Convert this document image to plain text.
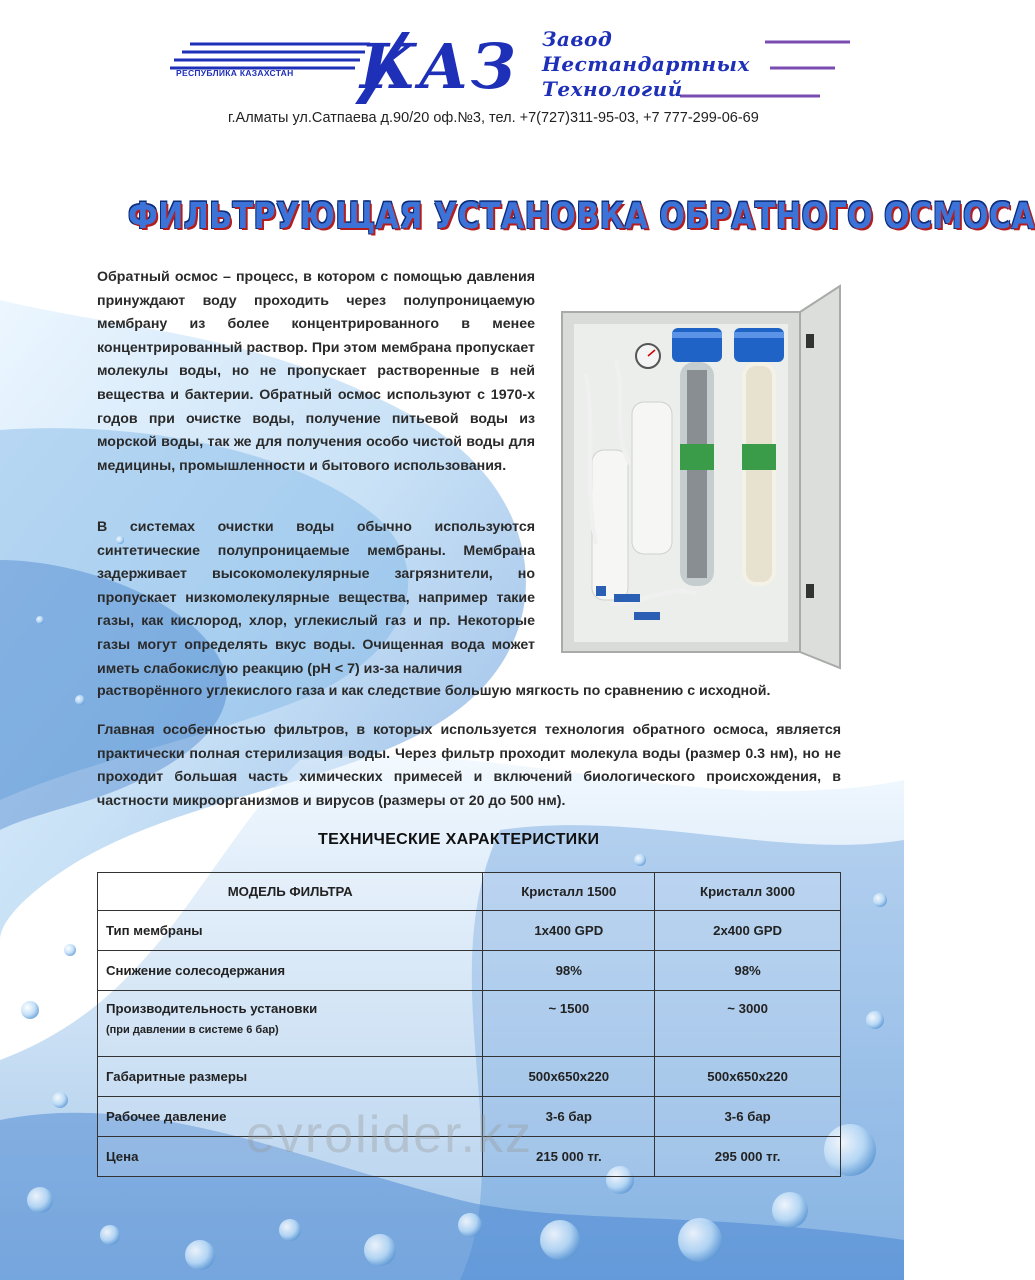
КАЗ
РЕСПУБЛИКА КАЗАХСТАН
Завод
Нестандартных
Технологий
г.Алматы ул.Сатпаева д.90/20 оф.№3, тел. +7(727)311-95-03, +7 777-299-06-69
ФИЛЬТРУЮЩАЯ УСТАНОВКА ОБРАТНОГО ОСМОСА
Обратный осмос – процесс, в котором с помощью давления принуждают воду проходить через полупроницаемую мембрану из более концентрированного в менее концентрированный раствор. При этом мембрана пропускает молекулы воды, но не пропускает растворенные в ней вещества и бактерии. Обратный осмос используют с 1970-х годов при очистке воды, получение питьевой воды из морской воды, так же для получения особо чистой воды для медицины, промышленности и бытового использования.
В системах очистки воды обычно используются синтетические полупроницаемые мембраны. Мембрана задерживает высокомолекулярные загрязнители, но пропускает низкомолекулярные вещества, например такие газы, как кислород, хлор, углекислый газ и пр. Некоторые газы могут определять вкус воды. Очищенная вода может иметь слабокислую реакцию (pH < 7) из-за наличия
растворённого углекислого газа и как следствие большую мягкость по сравнению с исходной.
Главная особенностью фильтров, в которых используется технология обратного осмоса, является практически полная стерилизация воды. Через фильтр проходит молекула воды (размер 0.3 нм), но не проходит большая часть химических примесей и включений биологического происхождения, в частности микроорганизмов и вирусов (размеры от 20 до 500 нм).
ТЕХНИЧЕСКИЕ ХАРАКТЕРИСТИКИ
МОДЕЛЬ ФИЛЬТРА	Кристалл 1500	Кристалл 3000
Тип мембраны	1x400 GPD	2x400 GPD
Снижение солесодержания	98%	98%
Производительность установки
(при давлении в системе 6 бар)	~ 1500	~ 3000
Габаритные размеры	500х650х220	500х650х220
Рабочее давление	3-6 бар	3-6 бар
Цена	215 000 тг.	295 000 тг.
evrolider.kz
